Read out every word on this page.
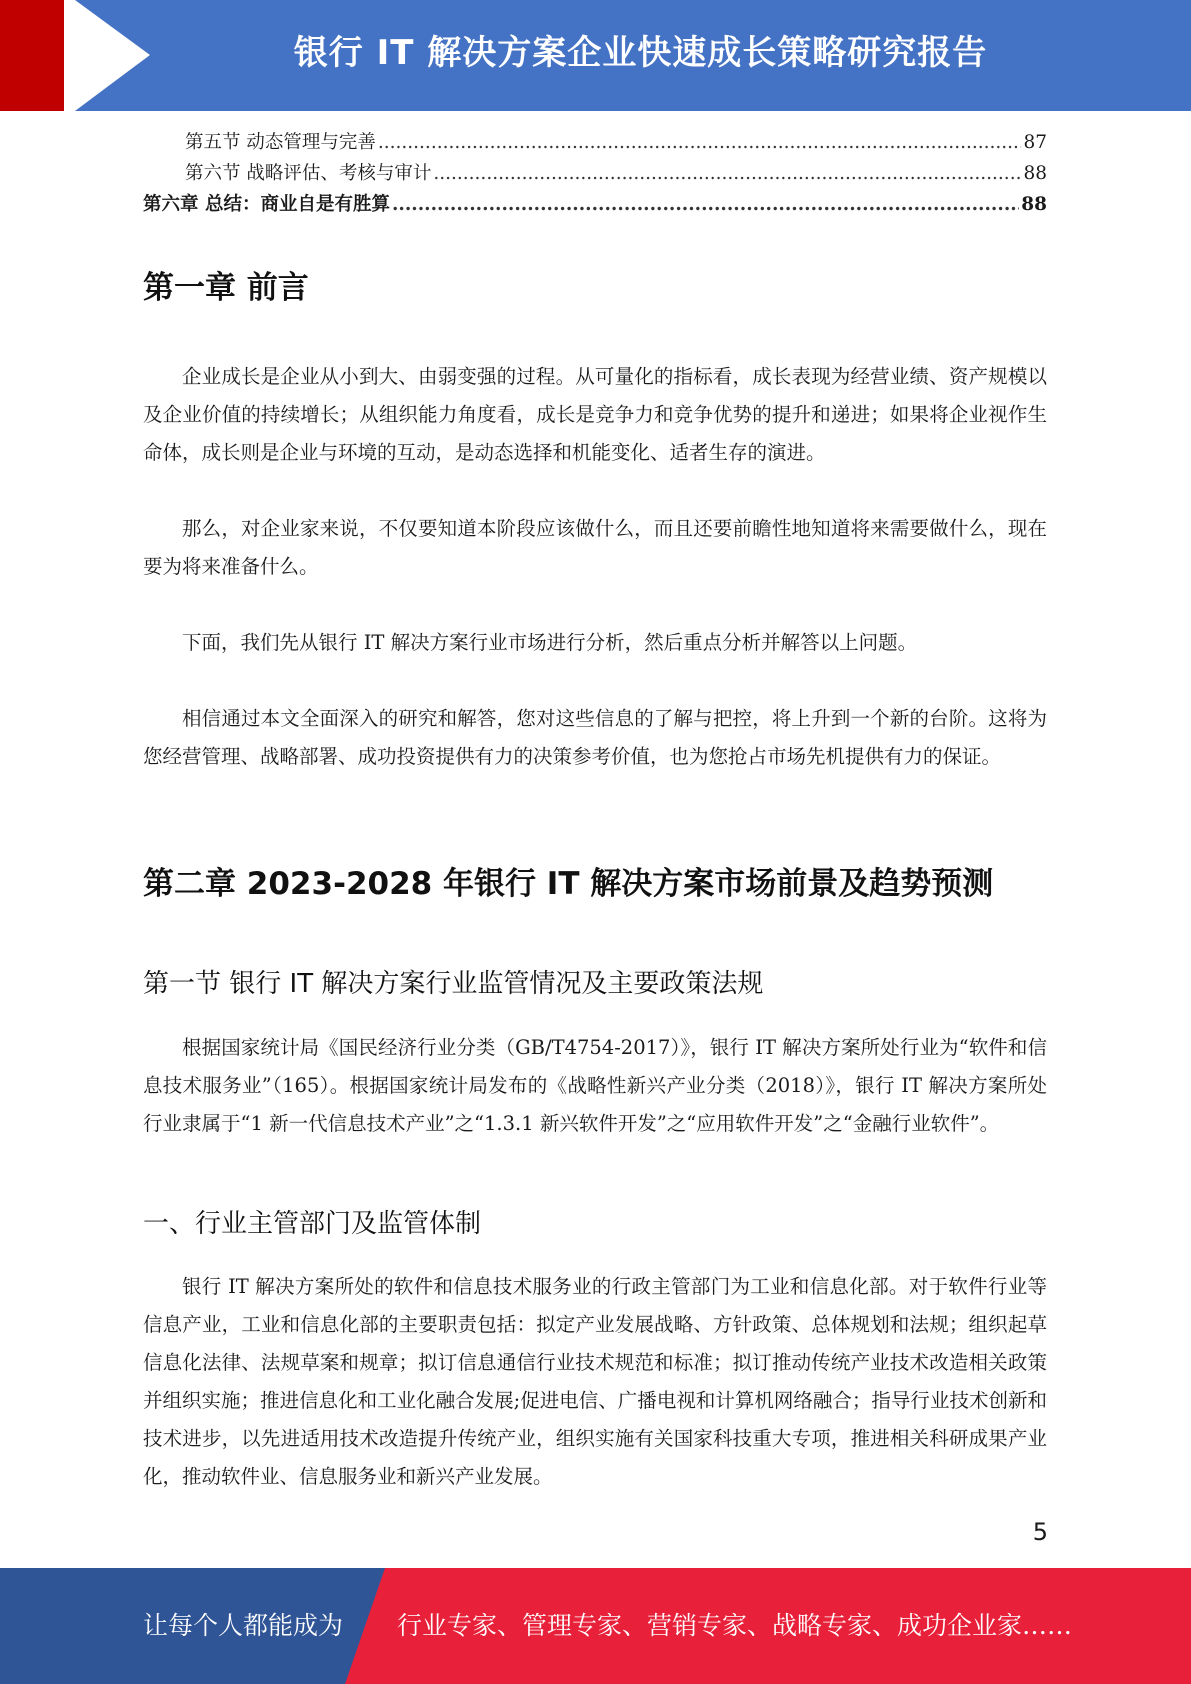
银行 IT 解决方案企业快速成长策略研究报告
第五节 动态管理与完善 .....	87
第六节 战略评估、考核与审计 .....	88
第六章 总结：商业自是有胜算 .....	88
第一章 前言

企业成长是企业从小到大、由弱变强的过程。从可量化的指标看，成长表现为经营业绩、资产规模以及企业价值的持续增长；从组织能力角度看，成长是竞争力和竞争优势的提升和递进；如果将企业视作生命体，成长则是企业与环境的互动，是动态选择和机能变化、适者生存的演进。

那么，对企业家来说，不仅要知道本阶段应该做什么，而且还要前瞻性地知道将来需要做什么，现在要为将来准备什么。

下面，我们先从银行 IT 解决方案行业市场进行分析，然后重点分析并解答以上问题。

相信通过本文全面深入的研究和解答，您对这些信息的了解与把控，将上升到一个新的台阶。这将为您经营管理、战略部署、成功投资提供有力的决策参考价值，也为您抢占市场先机提供有力的保证。

第二章 2023-2028 年银行 IT 解决方案市场前景及趋势预测
第一节 银行 IT 解决方案行业监管情况及主要政策法规

根据国家统计局《国民经济行业分类（GB/T4754-2017）》，银行 IT 解决方案所处行业为“软件和信息技术服务业”（165）。根据国家统计局发布的《战略性新兴产业分类（2018）》，银行 IT 解决方案所处行业隶属于“1 新一代信息技术产业”之“1.3.1 新兴软件开发”之“应用软件开发”之“金融行业软件”。

一、行业主管部门及监管体制

银行 IT 解决方案所处的软件和信息技术服务业的行政主管部门为工业和信息化部。对于软件行业等信息产业，工业和信息化部的主要职责包括：拟定产业发展战略、方针政策、总体规划和法规；组织起草信息化法律、法规草案和规章；拟订信息通信行业技术规范和标准；拟订推动传统产业技术改造相关政策并组织实施；推进信息化和工业化融合发展;促进电信、广播电视和计算机网络融合；指导行业技术创新和技术进步，以先进适用技术改造提升传统产业，组织实施有关国家科技重大专项，推进相关科研成果产业化，推动软件业、信息服务业和新兴产业发展。

5
让每个人都能成为 行业专家、管理专家、营销专家、战略专家、成功企业家……
